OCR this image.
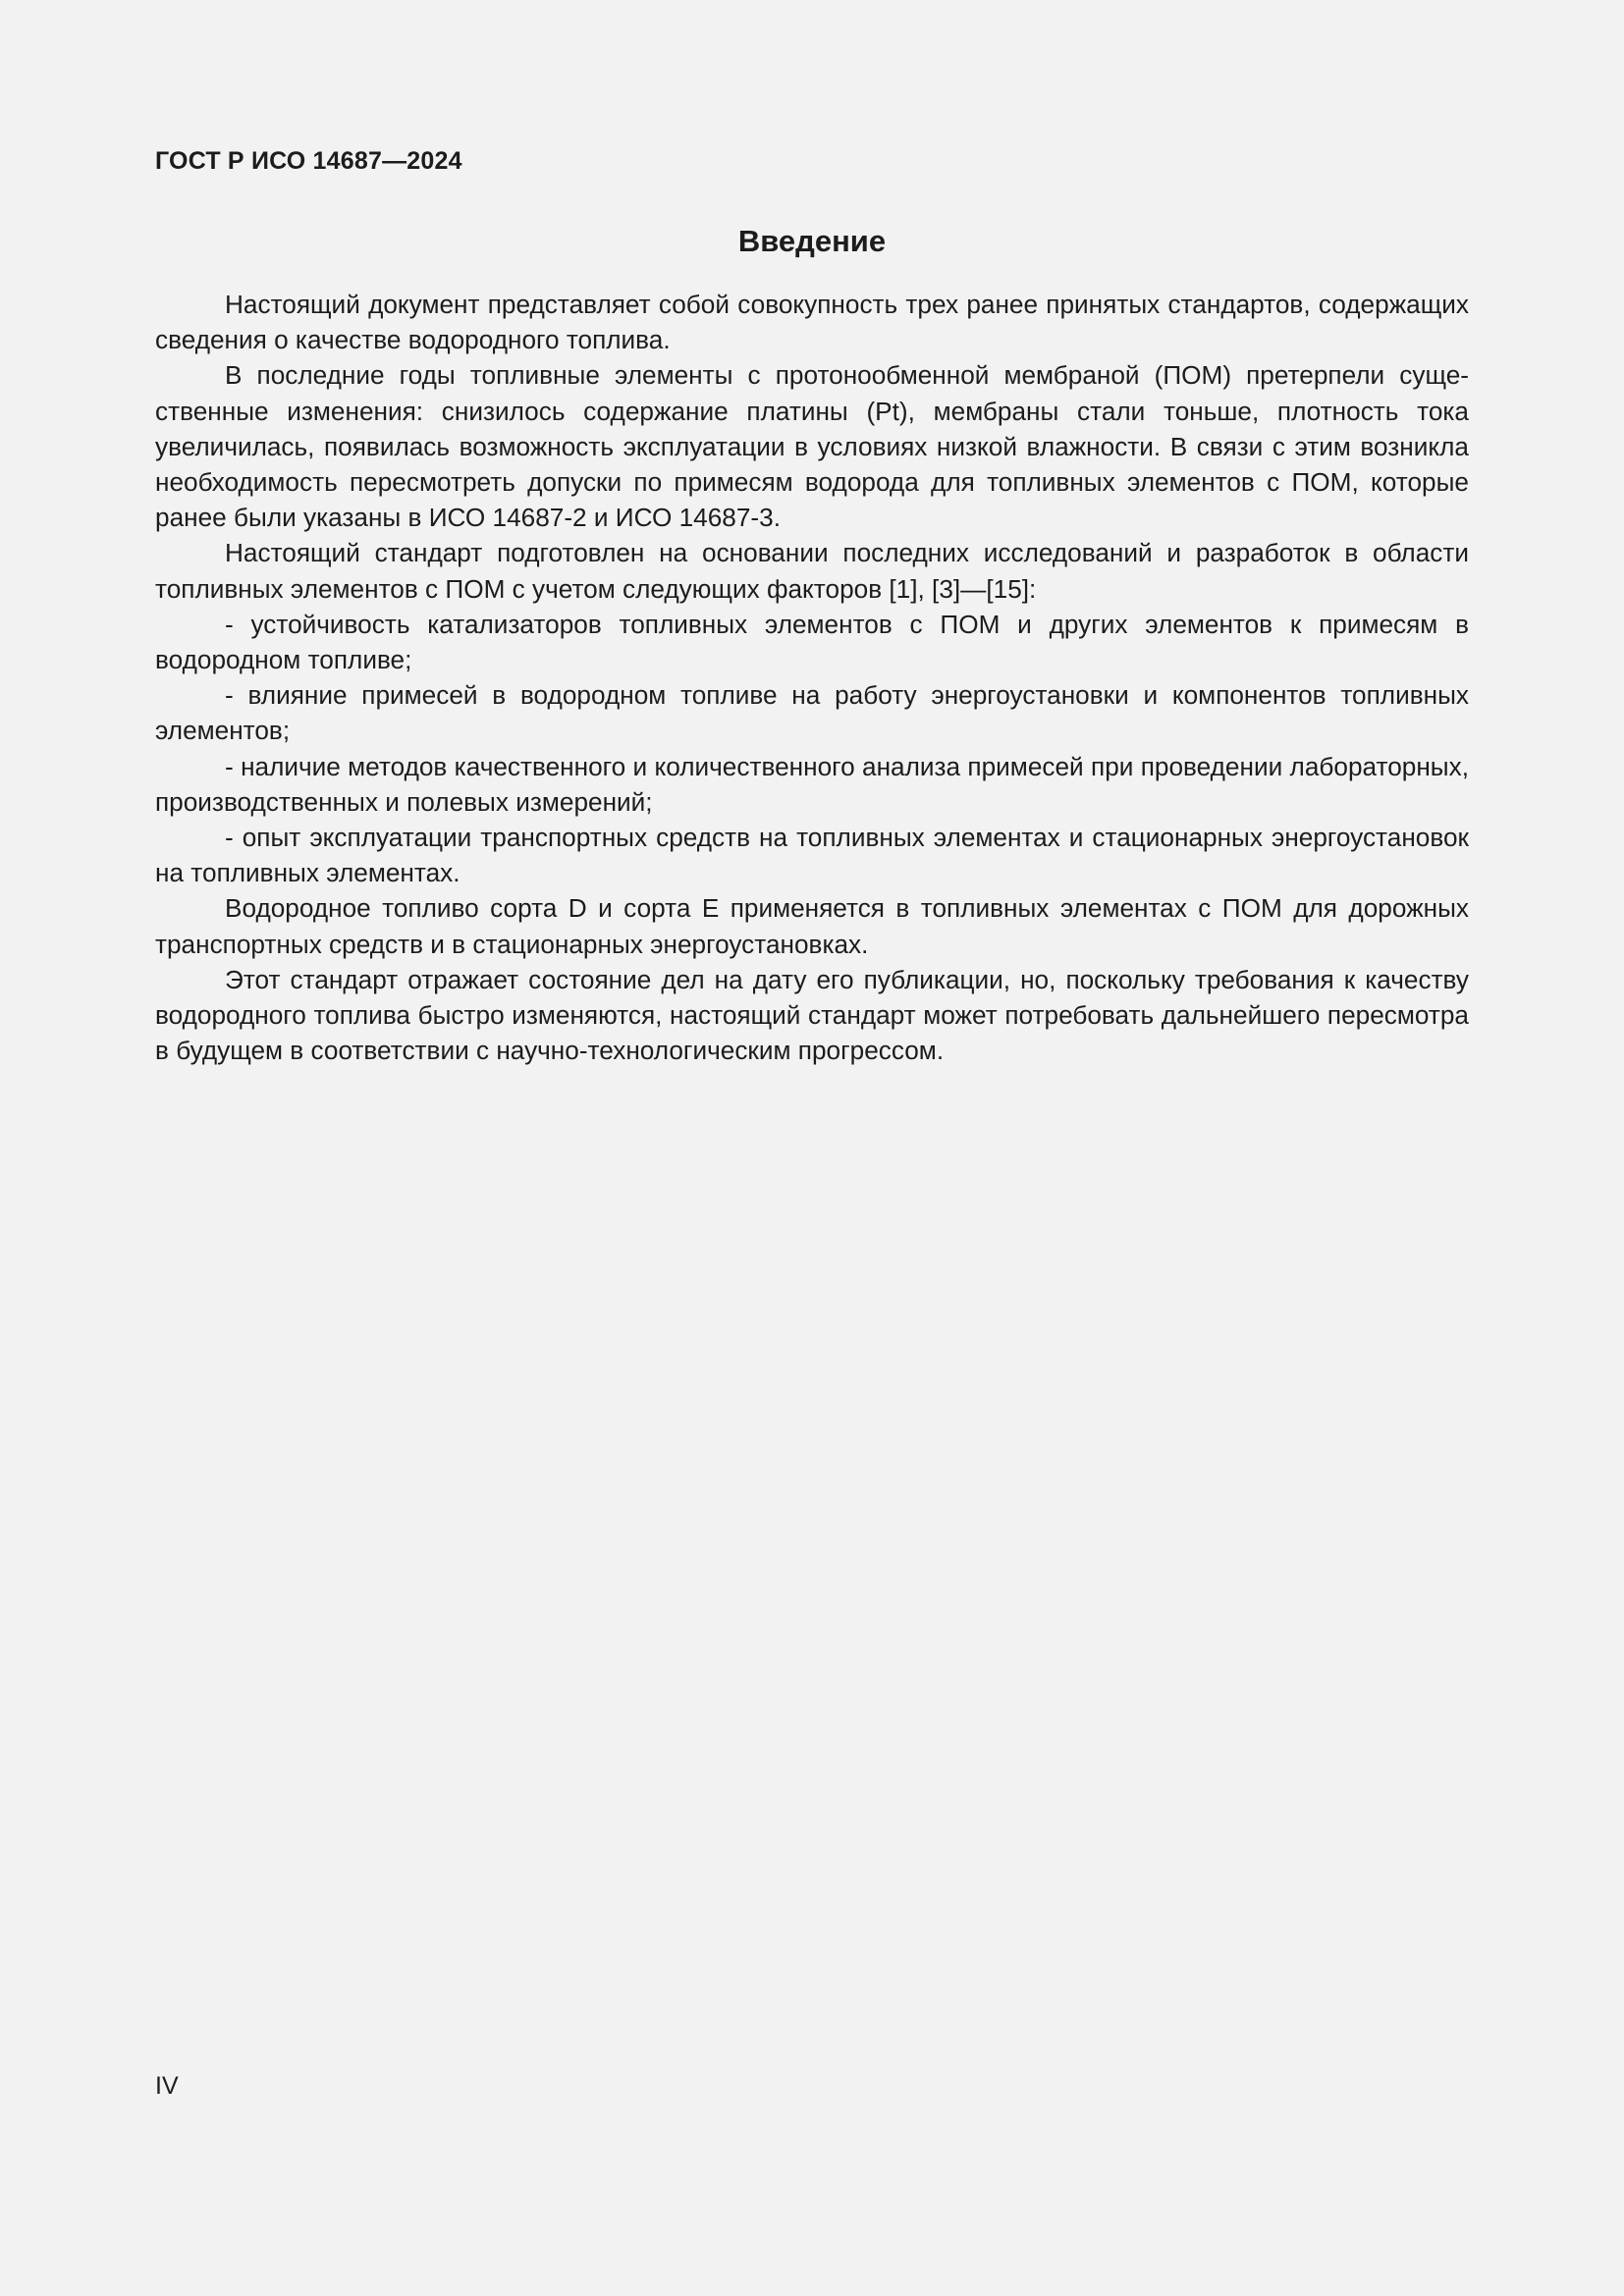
ГОСТ Р ИСО 14687—2024
Введение

Настоящий документ представляет собой совокупность трех ранее принятых стандартов, содержащих сведения о качестве водородного топлива.

В последние годы топливные элементы с протонообменной мембраной (ПОМ) претерпели существенные изменения: снизилось содержание платины (Pt), мембраны стали тоньше, плотность тока увеличилась, появилась возможность эксплуатации в условиях низкой влажности. В связи с этим возникла необходимость пересмотреть допуски по примесям водорода для топливных элементов с ПОМ, которые ранее были указаны в ИСО 14687-2 и ИСО 14687-3.

Настоящий стандарт подготовлен на основании последних исследований и разработок в области топливных элементов с ПОМ с учетом следующих факторов [1], [3]—[15]:

- устойчивость катализаторов топливных элементов с ПОМ и других элементов к примесям в водородном топливе;

- влияние примесей в водородном топливе на работу энергоустановки и компонентов топливных элементов;

- наличие методов качественного и количественного анализа примесей при проведении лабораторных, производственных и полевых измерений;

- опыт эксплуатации транспортных средств на топливных элементах и стационарных энергоустановок на топливных элементах.

Водородное топливо сорта D и сорта E применяется в топливных элементах с ПОМ для дорожных транспортных средств и в стационарных энергоустановках.

Этот стандарт отражает состояние дел на дату его публикации, но, поскольку требования к качеству водородного топлива быстро изменяются, настоящий стандарт может потребовать дальнейшего пересмотра в будущем в соответствии с научно-технологическим прогрессом.

IV
